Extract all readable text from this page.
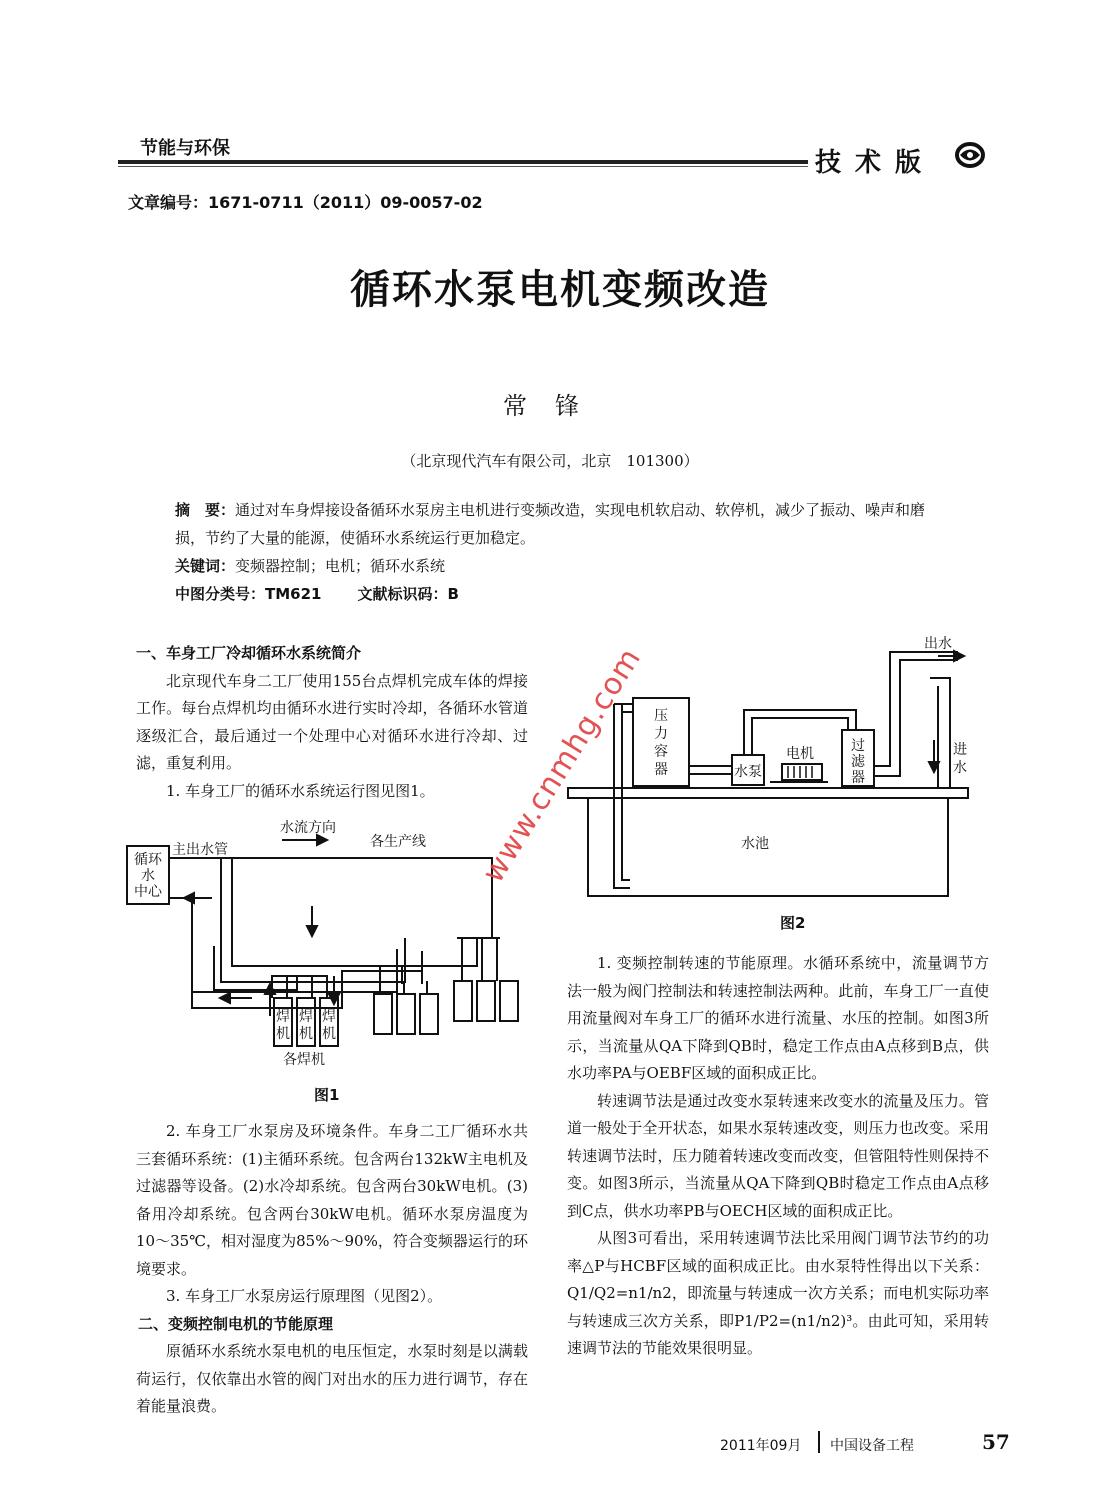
节能与环保	技术版
文章编号：1671-0711（2011）09-0057-02
循环水泵电机变频改造
常锋
（北京现代汽车有限公司，北京　101300）
摘　要：通过对车身焊接设备循环水泵房主电机进行变频改造，实现电机软启动、软停机，减少了振动、噪声和磨损，节约了大量的能源，使循环水系统运行更加稳定。
关键词：变频器控制；电机；循环水系统
中图分类号：TM621 文献标识码：B

一、车身工厂冷却循环水系统简介

北京现代车身二工厂使用155台点焊机完成车体的焊接工作。每台点焊机均由循环水进行实时冷却，各循环水管道逐级汇合，最后通过一个处理中心对循环水进行冷却、过滤，重复利用。

1. 车身工厂的循环水系统运行图见图1。

循环
水
中心
主出水管
水流方向
各生产线
焊
机
焊
机
焊
机
各焊机
图1

2. 车身工厂水泵房及环境条件。车身二工厂循环水共三套循环系统：(1)主循环系统。包含两台132kW主电机及过滤器等设备。(2)水冷却系统。包含两台30kW电机。(3)备用冷却系统。包含两台30kW电机。循环水泵房温度为10～35℃，相对湿度为85%～90%，符合变频器运行的环境要求。

3. 车身工厂水泵房运行原理图（见图2）。

二、变频控制电机的节能原理

原循环水系统水泵电机的电压恒定，水泵时刻是以满载荷运行，仅依靠出水管的阀门对出水的压力进行调节，存在着能量浪费。

出水
进
水
压
力
容
器	水泵
电机	过
滤
器
水池
图2

1. 变频控制转速的节能原理。水循环系统中，流量调节方法一般为阀门控制法和转速控制法两种。此前，车身工厂一直使用流量阀对车身工厂的循环水进行流量、水压的控制。如图3所示，当流量从QA下降到QB时，稳定工作点由A点移到B点，供水功率PA与OEBF区域的面积成正比。

转速调节法是通过改变水泵转速来改变水的流量及压力。管道一般处于全开状态，如果水泵转速改变，则压力也改变。采用转速调节法时，压力随着转速改变而改变，但管阻特性则保持不变。如图3所示，当流量从QA下降到QB时稳定工作点由A点移到C点，供水功率PB与OECH区域的面积成正比。

从图3可看出，采用转速调节法比采用阀门调节法节约的功率△P与HCBF区域的面积成正比。由水泵特性得出以下关系：Q1/Q2=n1/n2，即流量与转速成一次方关系；而电机实际功率与转速成三次方关系，即P1/P2=(n1/n2)³。由此可知，采用转速调节法的节能效果很明显。

www.cnmhg.com
2011年09月 中国设备工程	57
